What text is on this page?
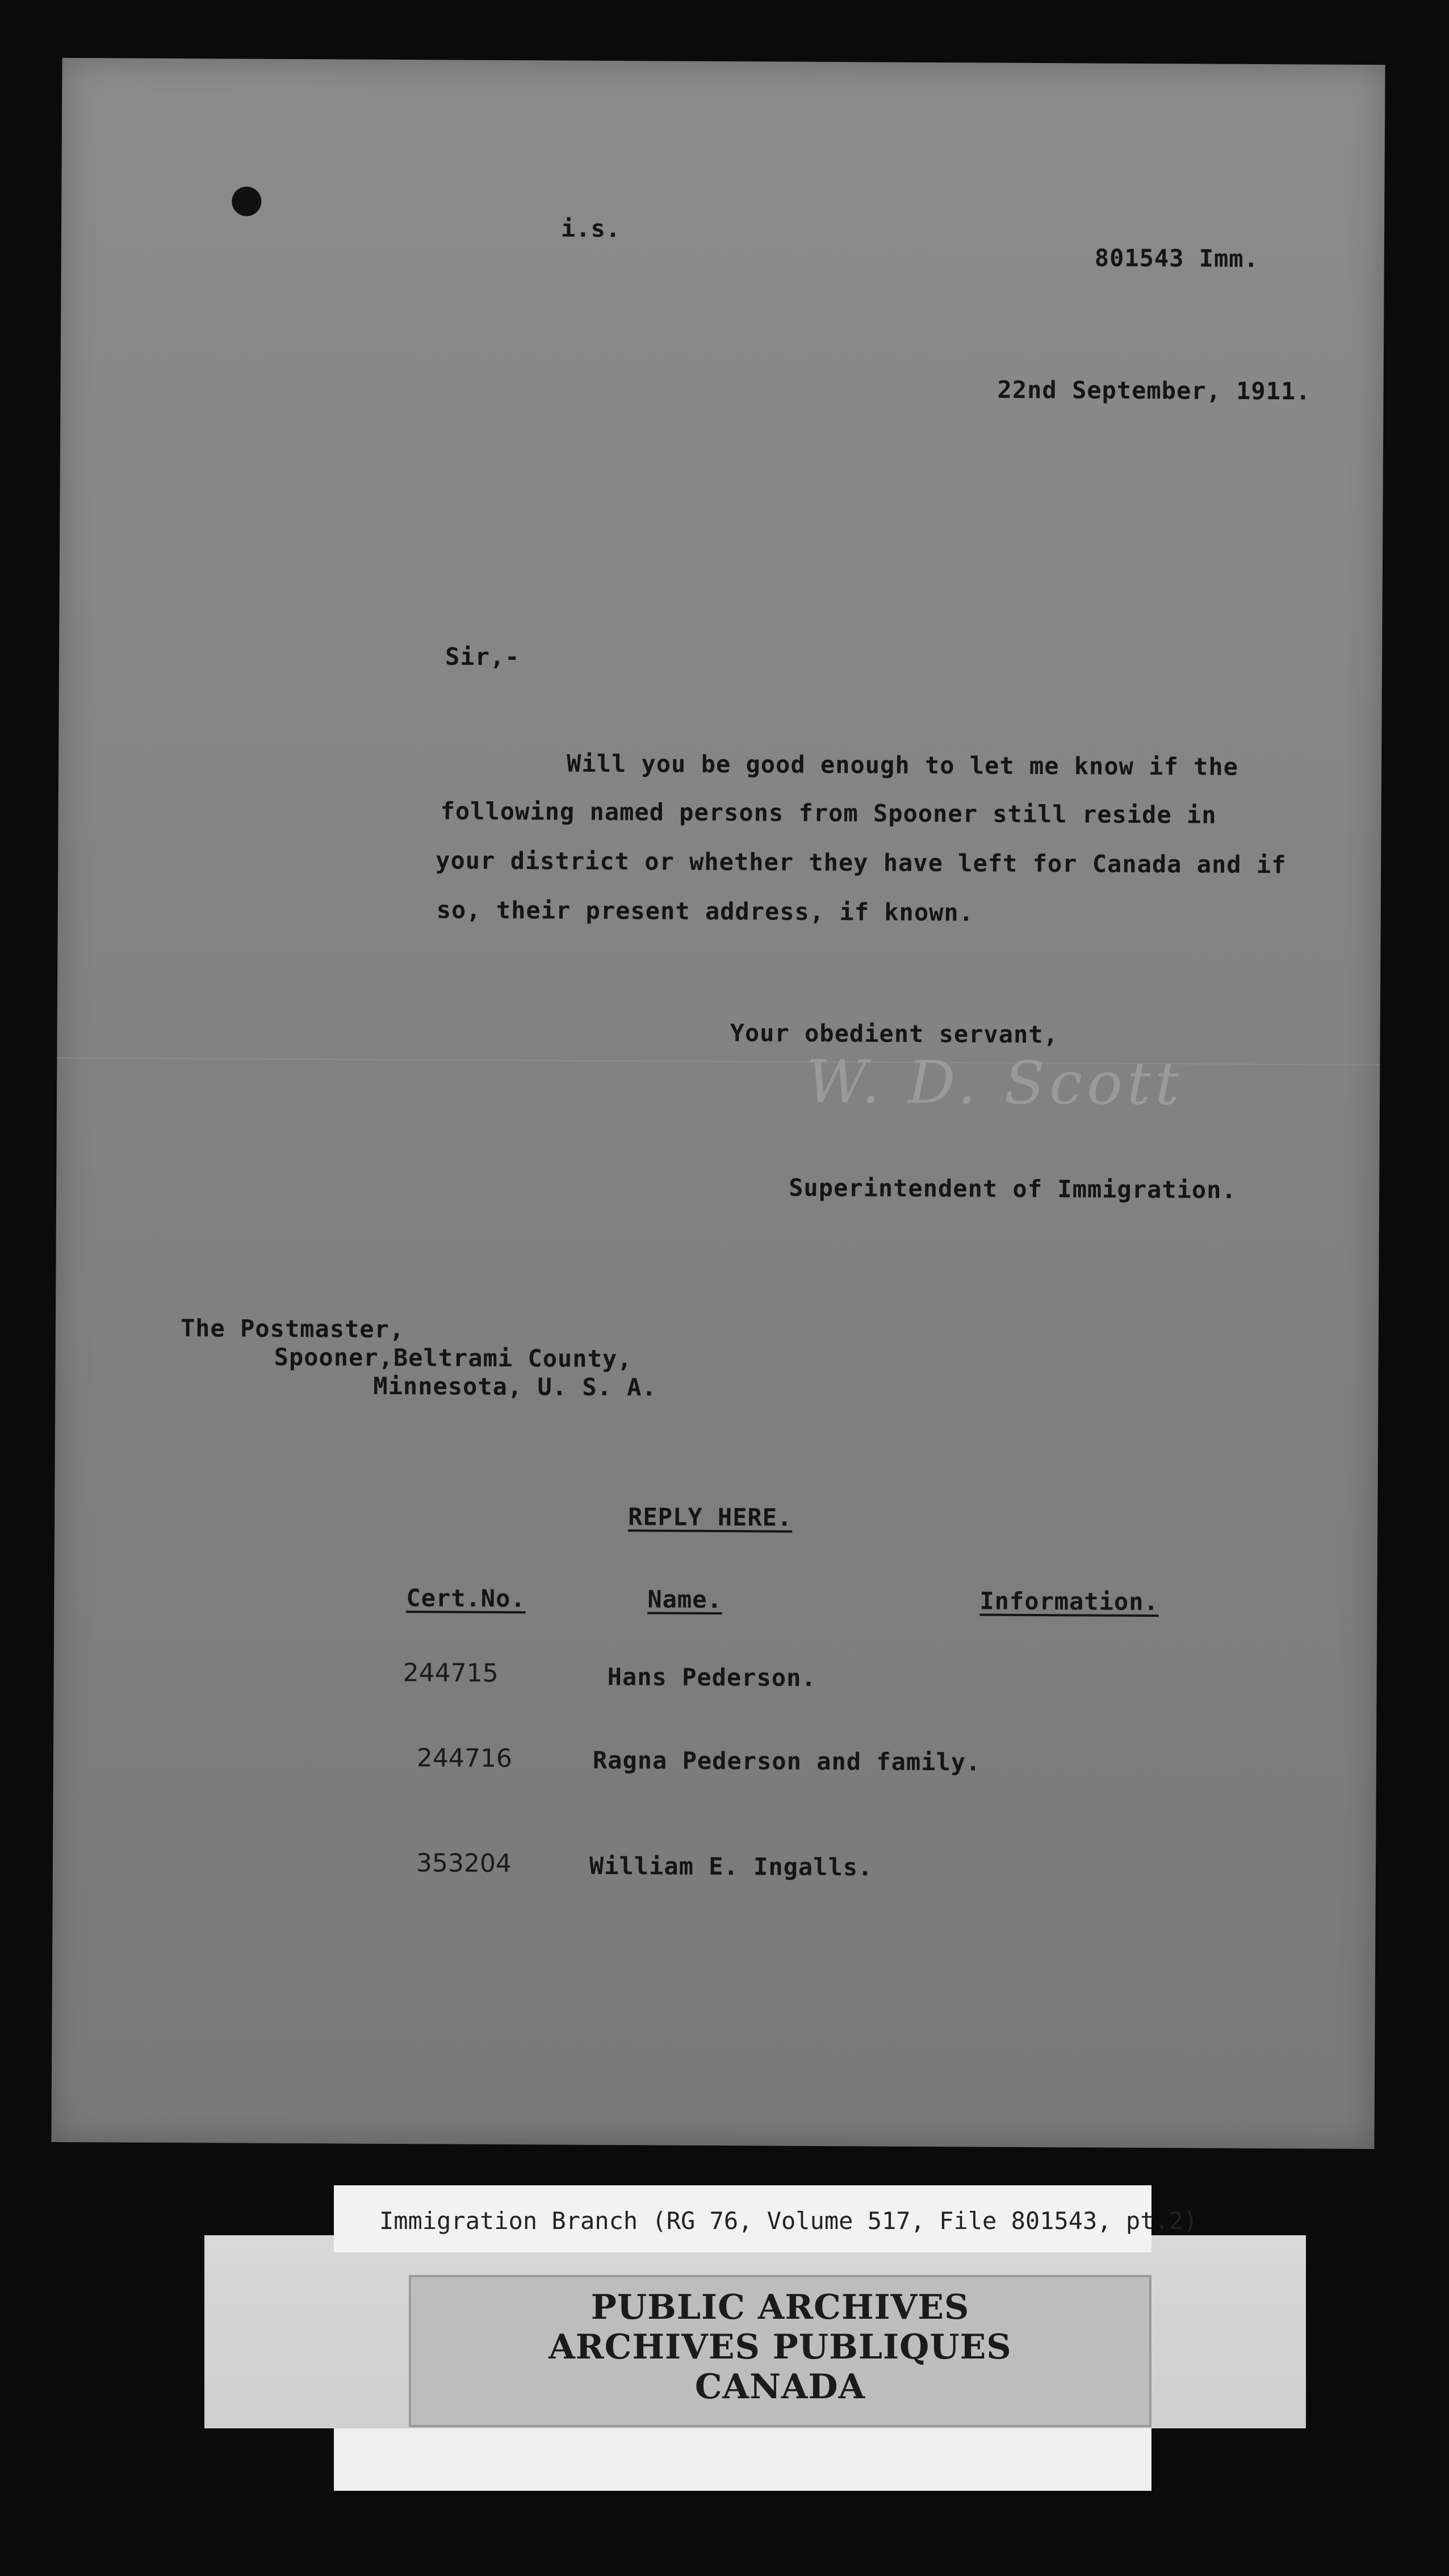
i.s.
801543 Imm.
22nd September, 1911.
Sir,-
Will you be good enough to let me know if the
following named persons from Spooner still reside in
your district or whether they have left for Canada and if
so, their present address, if known.
Your obedient servant,
W. D. Scott
Superintendent of Immigration.
The Postmaster,
Spooner,Beltrami County,
Minnesota, U. S. A.
REPLY HERE.
Cert.No.	Name.	Information.
244715	Hans Pederson.
244716	Ragna Pederson and family.
353204	William E. Ingalls.
PUBLIC ARCHIVES
ARCHIVES PUBLIQUES
CANADA
Immigration Branch (RG 76, Volume 517, File 801543, pt.2)
